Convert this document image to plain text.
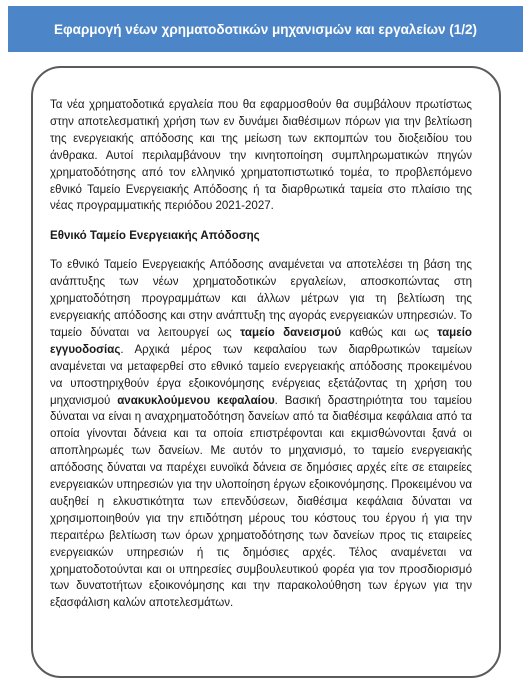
Εφαρμογή νέων χρηματοδοτικών μηχανισμών και εργαλείων (1/2)

Τα νέα χρηματοδοτικά εργαλεία που θα εφαρμοσθούν θα συμβάλουν πρωτίστως στην αποτελεσματική χρήση των εν δυνάμει διαθέσιμων πόρων για την βελτίωση της ενεργειακής απόδοσης και της μείωση των εκπομπών του διοξειδίου του άνθρακα. Αυτοί περιλαμβάνουν την κινητοποίηση συμπληρωματικών πηγών χρηματοδότησης από τον ελληνικό χρηματοπιστωτικό τομέα, το προβλεπόμενο εθνικό Ταμείο Ενεργειακής Απόδοσης ή τα διαρθρωτικά ταμεία στο πλαίσιο της νέας προγραμματικής περιόδου 2021-2027.

Εθνικό Ταμείο Ενεργειακής Απόδοσης

Το εθνικό Ταμείο Ενεργειακής Απόδοσης αναμένεται να αποτελέσει τη βάση της ανάπτυξης των νέων χρηματοδοτικών εργαλείων, αποσκοπώντας στη χρηματοδότηση προγραμμάτων και άλλων μέτρων για τη βελτίωση της ενεργειακής απόδοσης και στην ανάπτυξη της αγοράς ενεργειακών υπηρεσιών. Το ταμείο δύναται να λειτουργεί ως ταμείο δανεισμού καθώς και ως ταμείο εγγυοδοσίας. Αρχικά μέρος των κεφαλαίου των διαρθρωτικών ταμείων αναμένεται να μεταφερθεί στο εθνικό ταμείο ενεργειακής απόδοσης προκειμένου να υποστηριχθούν έργα εξοικονόμησης ενέργειας εξετάζοντας τη χρήση του μηχανισμού ανακυκλούμενου κεφαλαίου. Βασική δραστηριότητα του ταμείου δύναται να είναι η αναχρηματοδότηση δανείων από τα διαθέσιμα κεφάλαια από τα οποία γίνονται δάνεια και τα οποία επιστρέφονται και εκμισθώνονται ξανά οι αποπληρωμές των δανείων. Με αυτόν το μηχανισμό, το ταμείο ενεργειακής απόδοσης δύναται να παρέχει ευνοϊκά δάνεια σε δημόσιες αρχές είτε σε εταιρείες ενεργειακών υπηρεσιών για την υλοποίηση έργων εξοικονόμησης. Προκειμένου να αυξηθεί η ελκυστικότητα των επενδύσεων, διαθέσιμα κεφάλαια δύναται να χρησιμοποιηθούν για την επιδότηση μέρους του κόστους του έργου ή για την περαιτέρω βελτίωση των όρων χρηματοδότησης των δανείων προς τις εταιρείες ενεργειακών υπηρεσιών ή τις δημόσιες αρχές. Τέλος αναμένεται να χρηματοδοτούνται και οι υπηρεσίες συμβουλευτικού φορέα για τον προσδιορισμό των δυνατοτήτων εξοικονόμησης και την παρακολούθηση των έργων για την εξασφάλιση καλών αποτελεσμάτων.
